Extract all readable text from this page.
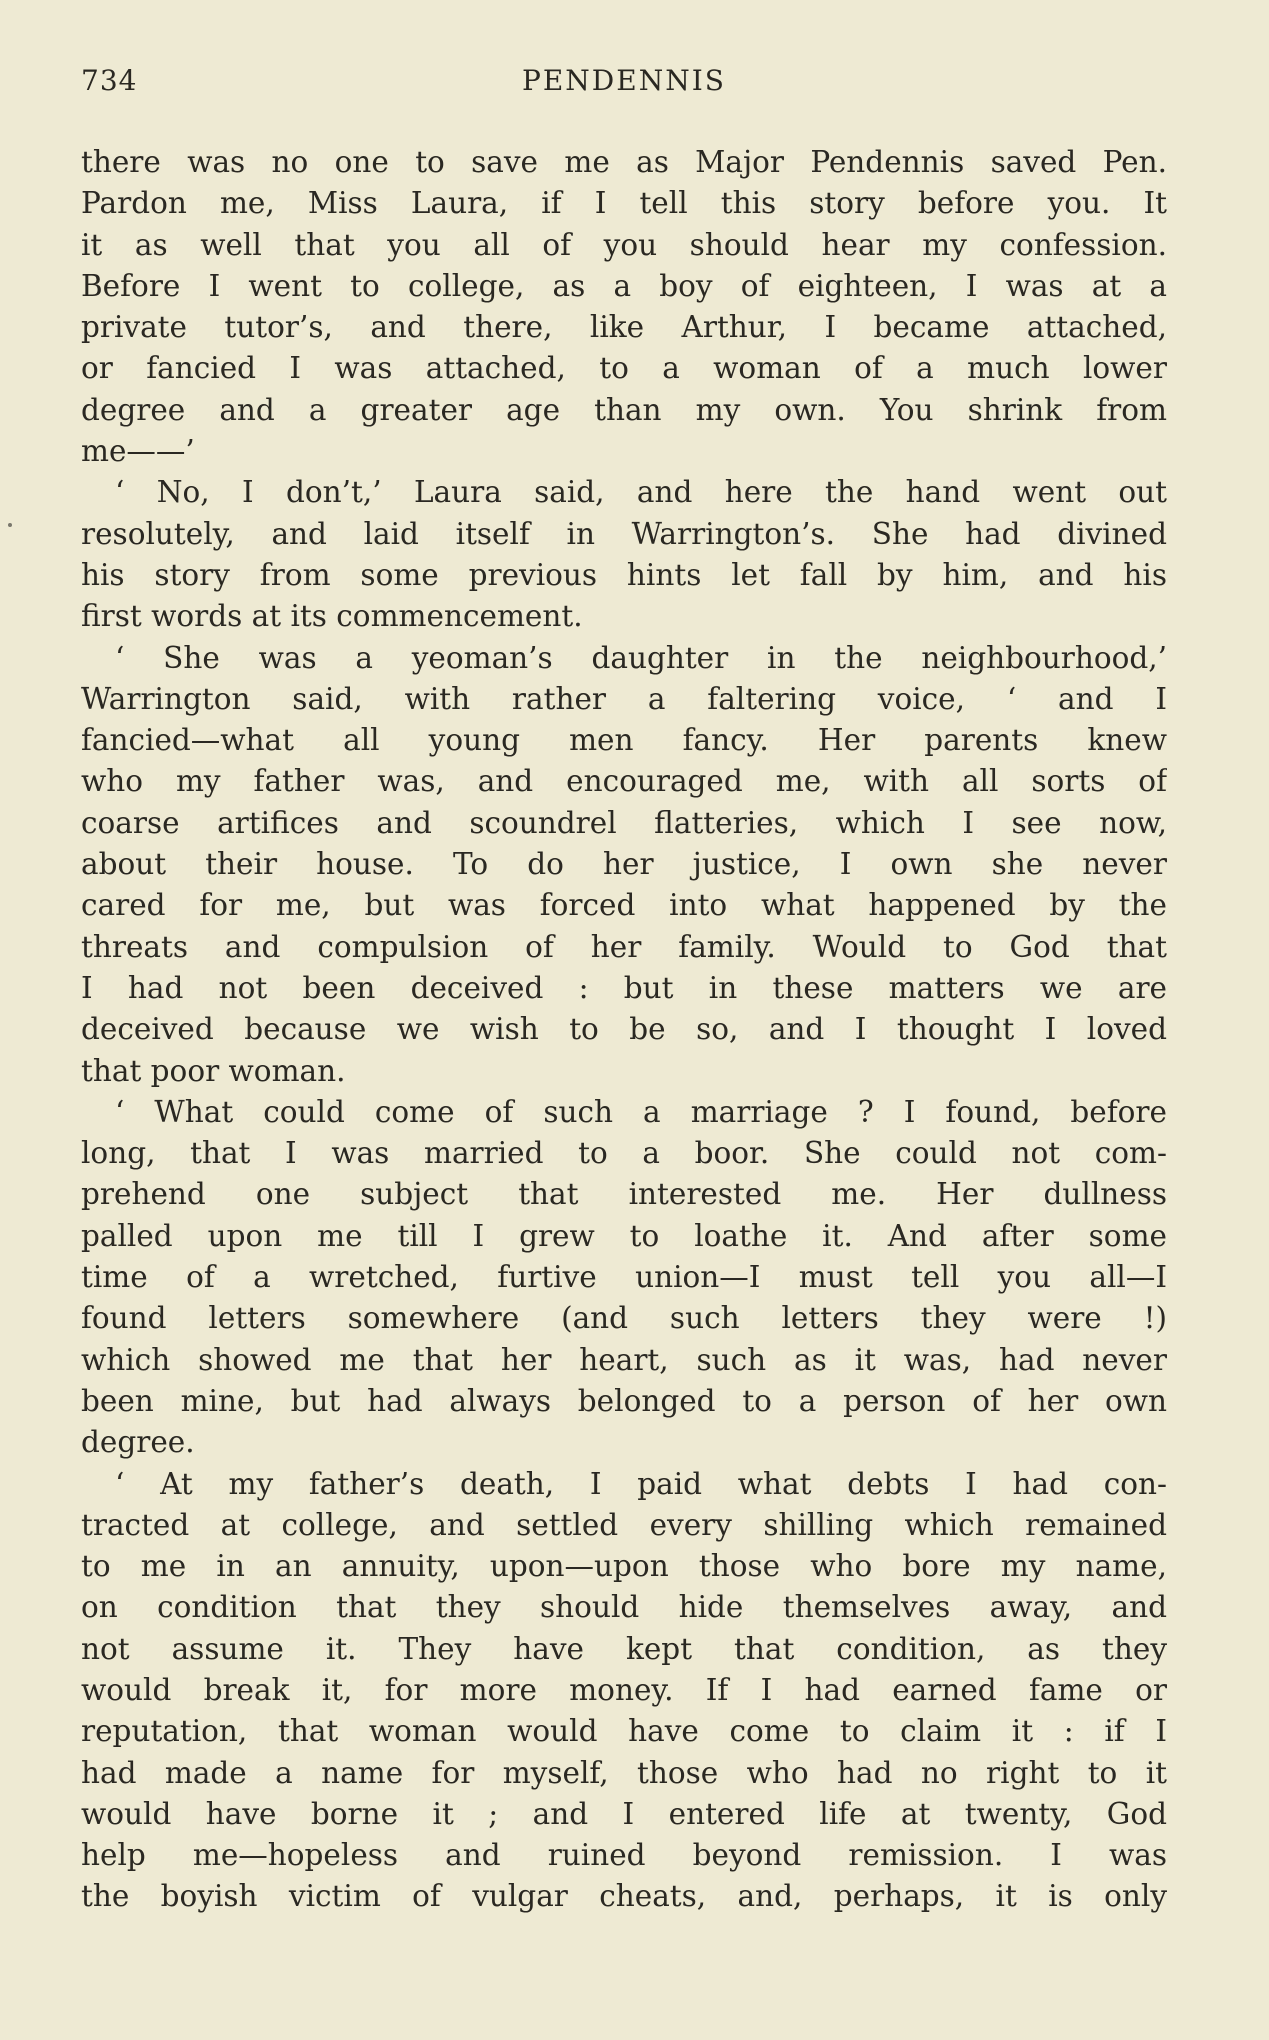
734	PENDENNIS
there was no one to save me as Major Pendennis saved Pen.
Pardon me, Miss Laura, if I tell this story before you. It
it as well that you all of you should hear my confession.
Before I went to college, as a boy of eighteen, I was at a
private tutor’s, and there, like Arthur, I became attached,
or fancied I was attached, to a woman of a much lower
degree and a greater age than my own. You shrink from
me——’
‘ No, I don’t,’ Laura said, and here the hand went out
resolutely, and laid itself in Warrington’s. She had divined
his story from some previous hints let fall by him, and his
first words at its commencement.
‘ She was a yeoman’s daughter in the neighbourhood,’
Warrington said, with rather a faltering voice, ‘ and I
fancied—what all young men fancy. Her parents knew
who my father was, and encouraged me, with all sorts of
coarse artifices and scoundrel flatteries, which I see now,
about their house. To do her justice, I own she never
cared for me, but was forced into what happened by the
threats and compulsion of her family. Would to God that
I had not been deceived : but in these matters we are
deceived because we wish to be so, and I thought I loved
that poor woman.
‘ What could come of such a marriage ? I found, before
long, that I was married to a boor. She could not com-
prehend one subject that interested me. Her dullness
palled upon me till I grew to loathe it. And after some
time of a wretched, furtive union—I must tell you all—I
found letters somewhere (and such letters they were !)
which showed me that her heart, such as it was, had never
been mine, but had always belonged to a person of her own
degree.
‘ At my father’s death, I paid what debts I had con-
tracted at college, and settled every shilling which remained
to me in an annuity, upon—upon those who bore my name,
on condition that they should hide themselves away, and
not assume it. They have kept that condition, as they
would break it, for more money. If I had earned fame or
reputation, that woman would have come to claim it : if I
had made a name for myself, those who had no right to it
would have borne it ; and I entered life at twenty, God
help me—hopeless and ruined beyond remission. I was
the boyish victim of vulgar cheats, and, perhaps, it is only
